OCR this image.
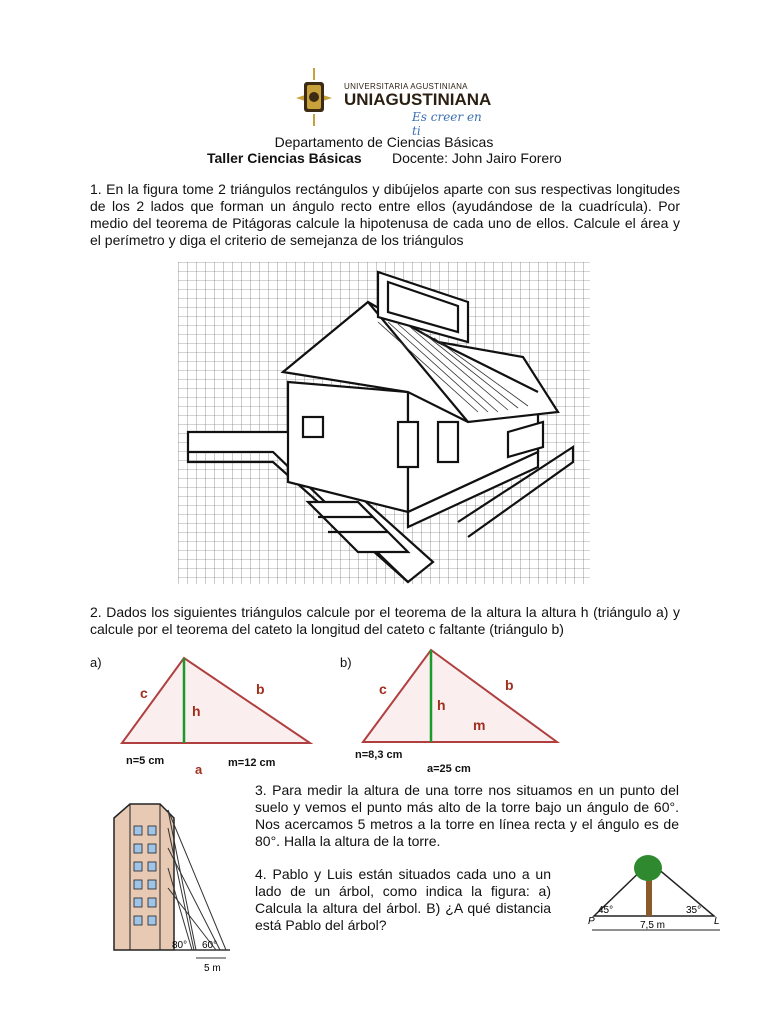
UNIVERSITARIA AGUSTINIANA
UNIAGUSTINIANA
Es creer en ti
Departamento de Ciencias Básicas
Taller Ciencias Básicas Docente: John Jairo Forero
1. En la figura tome 2 triángulos rectángulos y dibújelos aparte con sus respectivas longitudes de los 2 lados que forman un ángulo recto entre ellos (ayudándose de la cuadrícula). Por medio del teorema de Pitágoras calcule la hipotenusa de cada uno de ellos. Calcule el área y el perímetro y diga el criterio de semejanza de los triángulos
2. Dados los siguientes triángulos calcule por el teorema de la altura la altura h (triángulo a) y calcule por el teorema del cateto la longitud del cateto c faltante (triángulo b)
a)
c	b
h
n=5 cm	m=12 cm
a
b)
c	b
h
m
n=8,3 cm
a=25 cm
3. Para medir la altura de una torre nos situamos en un punto del suelo y vemos el punto más alto de la torre bajo un ángulo de 60°. Nos acercamos 5 metros a la torre en línea recta y el ángulo es de 80°. Halla la altura de la torre.
80° 60°
5 m
4. Pablo y Luis están situados cada uno a un lado de un árbol, como indica la figura: a) Calcula la altura del árbol. B) ¿A qué distancia está Pablo del árbol?	P	L
45°	35°
7,5 m
